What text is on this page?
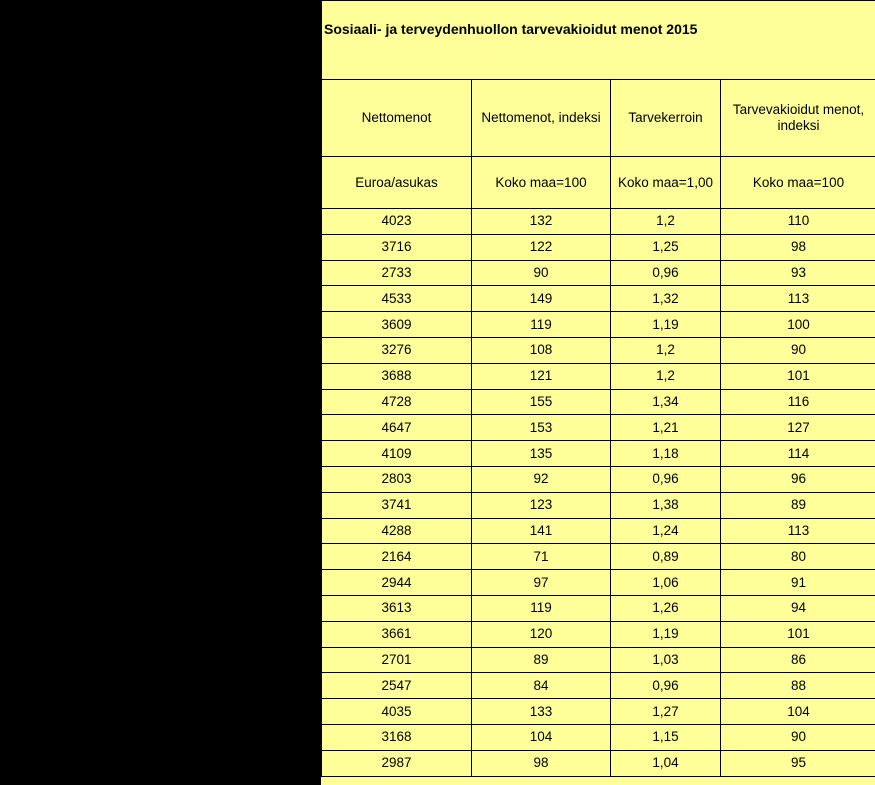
Sosiaali- ja terveydenhuollon tarvevakioidut menot 2015
Nettomenot	Nettomenot, indeksi	Tarvekerroin	Tarvevakioidut menot, indeksi
Euroa/asukas	Koko maa=100	Koko maa=1,00	Koko maa=100
4023	132	1,2	110
3716	122	1,25	98
2733	90	0,96	93
4533	149	1,32	113
3609	119	1,19	100
3276	108	1,2	90
3688	121	1,2	101
4728	155	1,34	116
4647	153	1,21	127
4109	135	1,18	114
2803	92	0,96	96
3741	123	1,38	89
4288	141	1,24	113
2164	71	0,89	80
2944	97	1,06	91
3613	119	1,26	94
3661	120	1,19	101
2701	89	1,03	86
2547	84	0,96	88
4035	133	1,27	104
3168	104	1,15	90
2987	98	1,04	95
